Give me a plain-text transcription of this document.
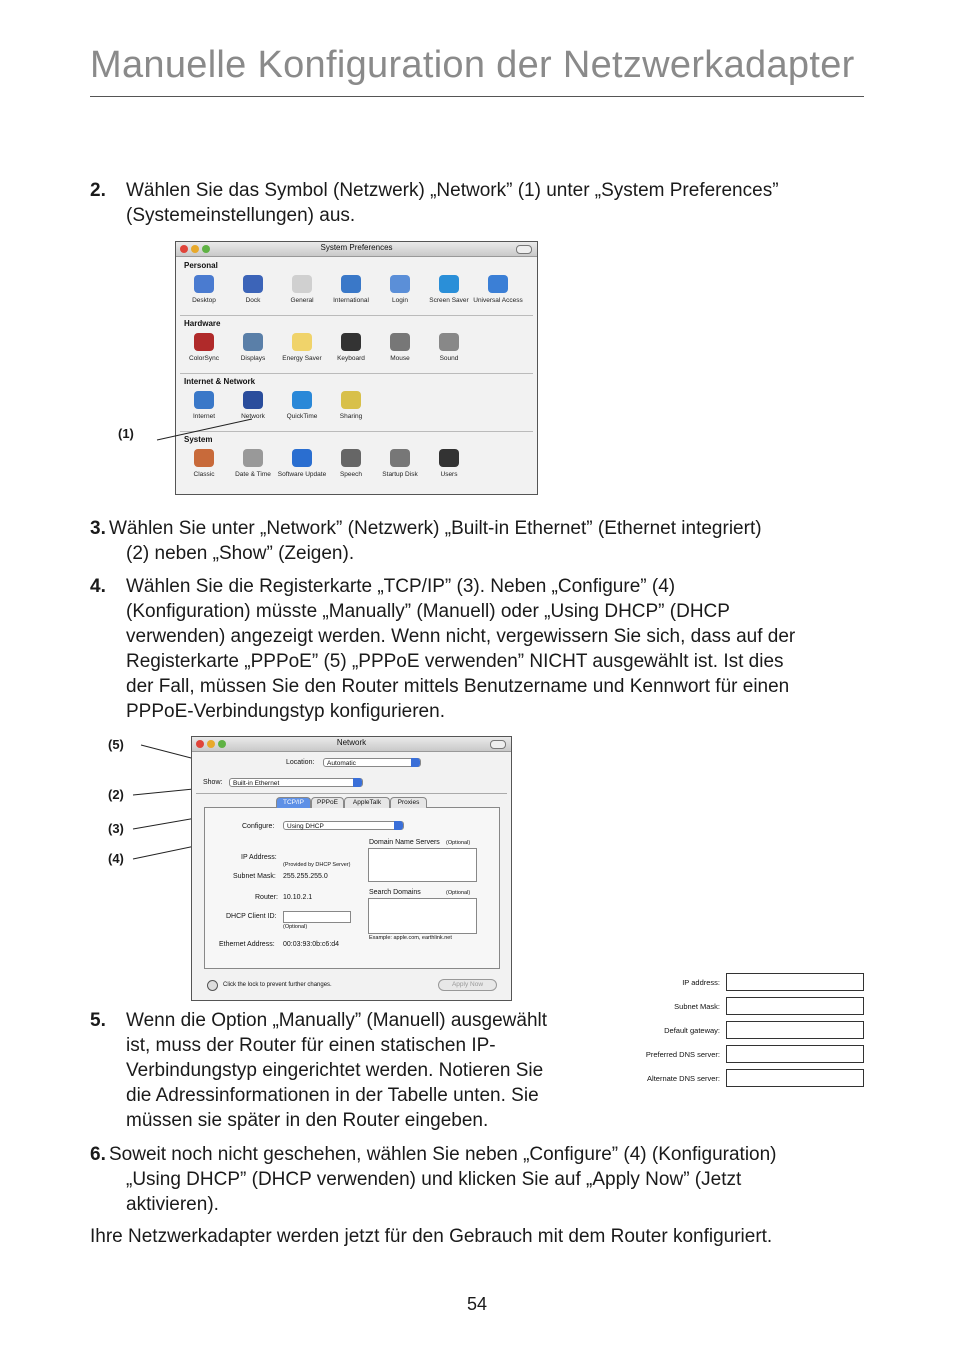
Manuelle Konfiguration der Netzwerkadapter
2. Wählen Sie das Symbol (Netzwerk) „Network” (1) unter „System Preferences”
(Systemeinstellungen) aus.
System Preferences
Personal
Hardware
Internet & Network
System
Desktop	Dock	General	International	Login	Screen Saver Universal Access
ColorSync	Displays	Energy Saver	Keyboard	Mouse	Sound
Internet	Network	QuickTime	Sharing
Classic	Date & Time	Software Update	Speech	Startup Disk	Users
(1)
3. Wählen Sie unter „Network” (Netzwerk) „Built-in Ethernet” (Ethernet integriert)
(2) neben „Show” (Zeigen).
4. Wählen Sie die Registerkarte „TCP/IP” (3). Neben „Configure” (4)
(Konfiguration) müsste „Manually” (Manuell) oder „Using DHCP” (DHCP
verwenden) angezeigt werden. Wenn nicht, vergewissern Sie sich, dass auf der
Registerkarte „PPPoE” (5) „PPPoE verwenden” NICHT ausgewählt ist. Ist dies
der Fall, müssen Sie den Router mittels Benutzername und Kennwort für einen
PPPoE-Verbindungstyp konfigurieren.
(5)
(2)
(3)
(4)
Network
Location:	Automatic
Show:	Built-in Ethernet
TCP/IP	PPPoE	AppleTalk	Proxies
Configure:	Using DHCP
Domain Name Servers (Optional)
IP Address:
(Provided by DHCP Server)
Subnet Mask: 255.255.255.0
Search Domains	(Optional)
Router: 10.10.2.1
DHCP Client ID:
(Optional)
Example: apple.com, earthlink.net
Ethernet Address: 00:03:93:0b:c6:d4
Click the lock to prevent further changes.	Apply Now
5. Wenn die Option „Manually” (Manuell) ausgewählt
ist, muss der Router für einen statischen IP-
Verbindungstyp eingerichtet werden. Notieren Sie
die Adressinformationen in der Tabelle unten. Sie
müssen sie später in den Router eingeben.
IP address:
Subnet Mask:
Default gateway:
Preferred DNS server:
Alternate DNS server:
6. Soweit noch nicht geschehen, wählen Sie neben „Configure” (4) (Konfiguration)
„Using DHCP” (DHCP verwenden) und klicken Sie auf „Apply Now” (Jetzt
aktivieren).
Ihre Netzwerkadapter werden jetzt für den Gebrauch mit dem Router konfiguriert.
54
